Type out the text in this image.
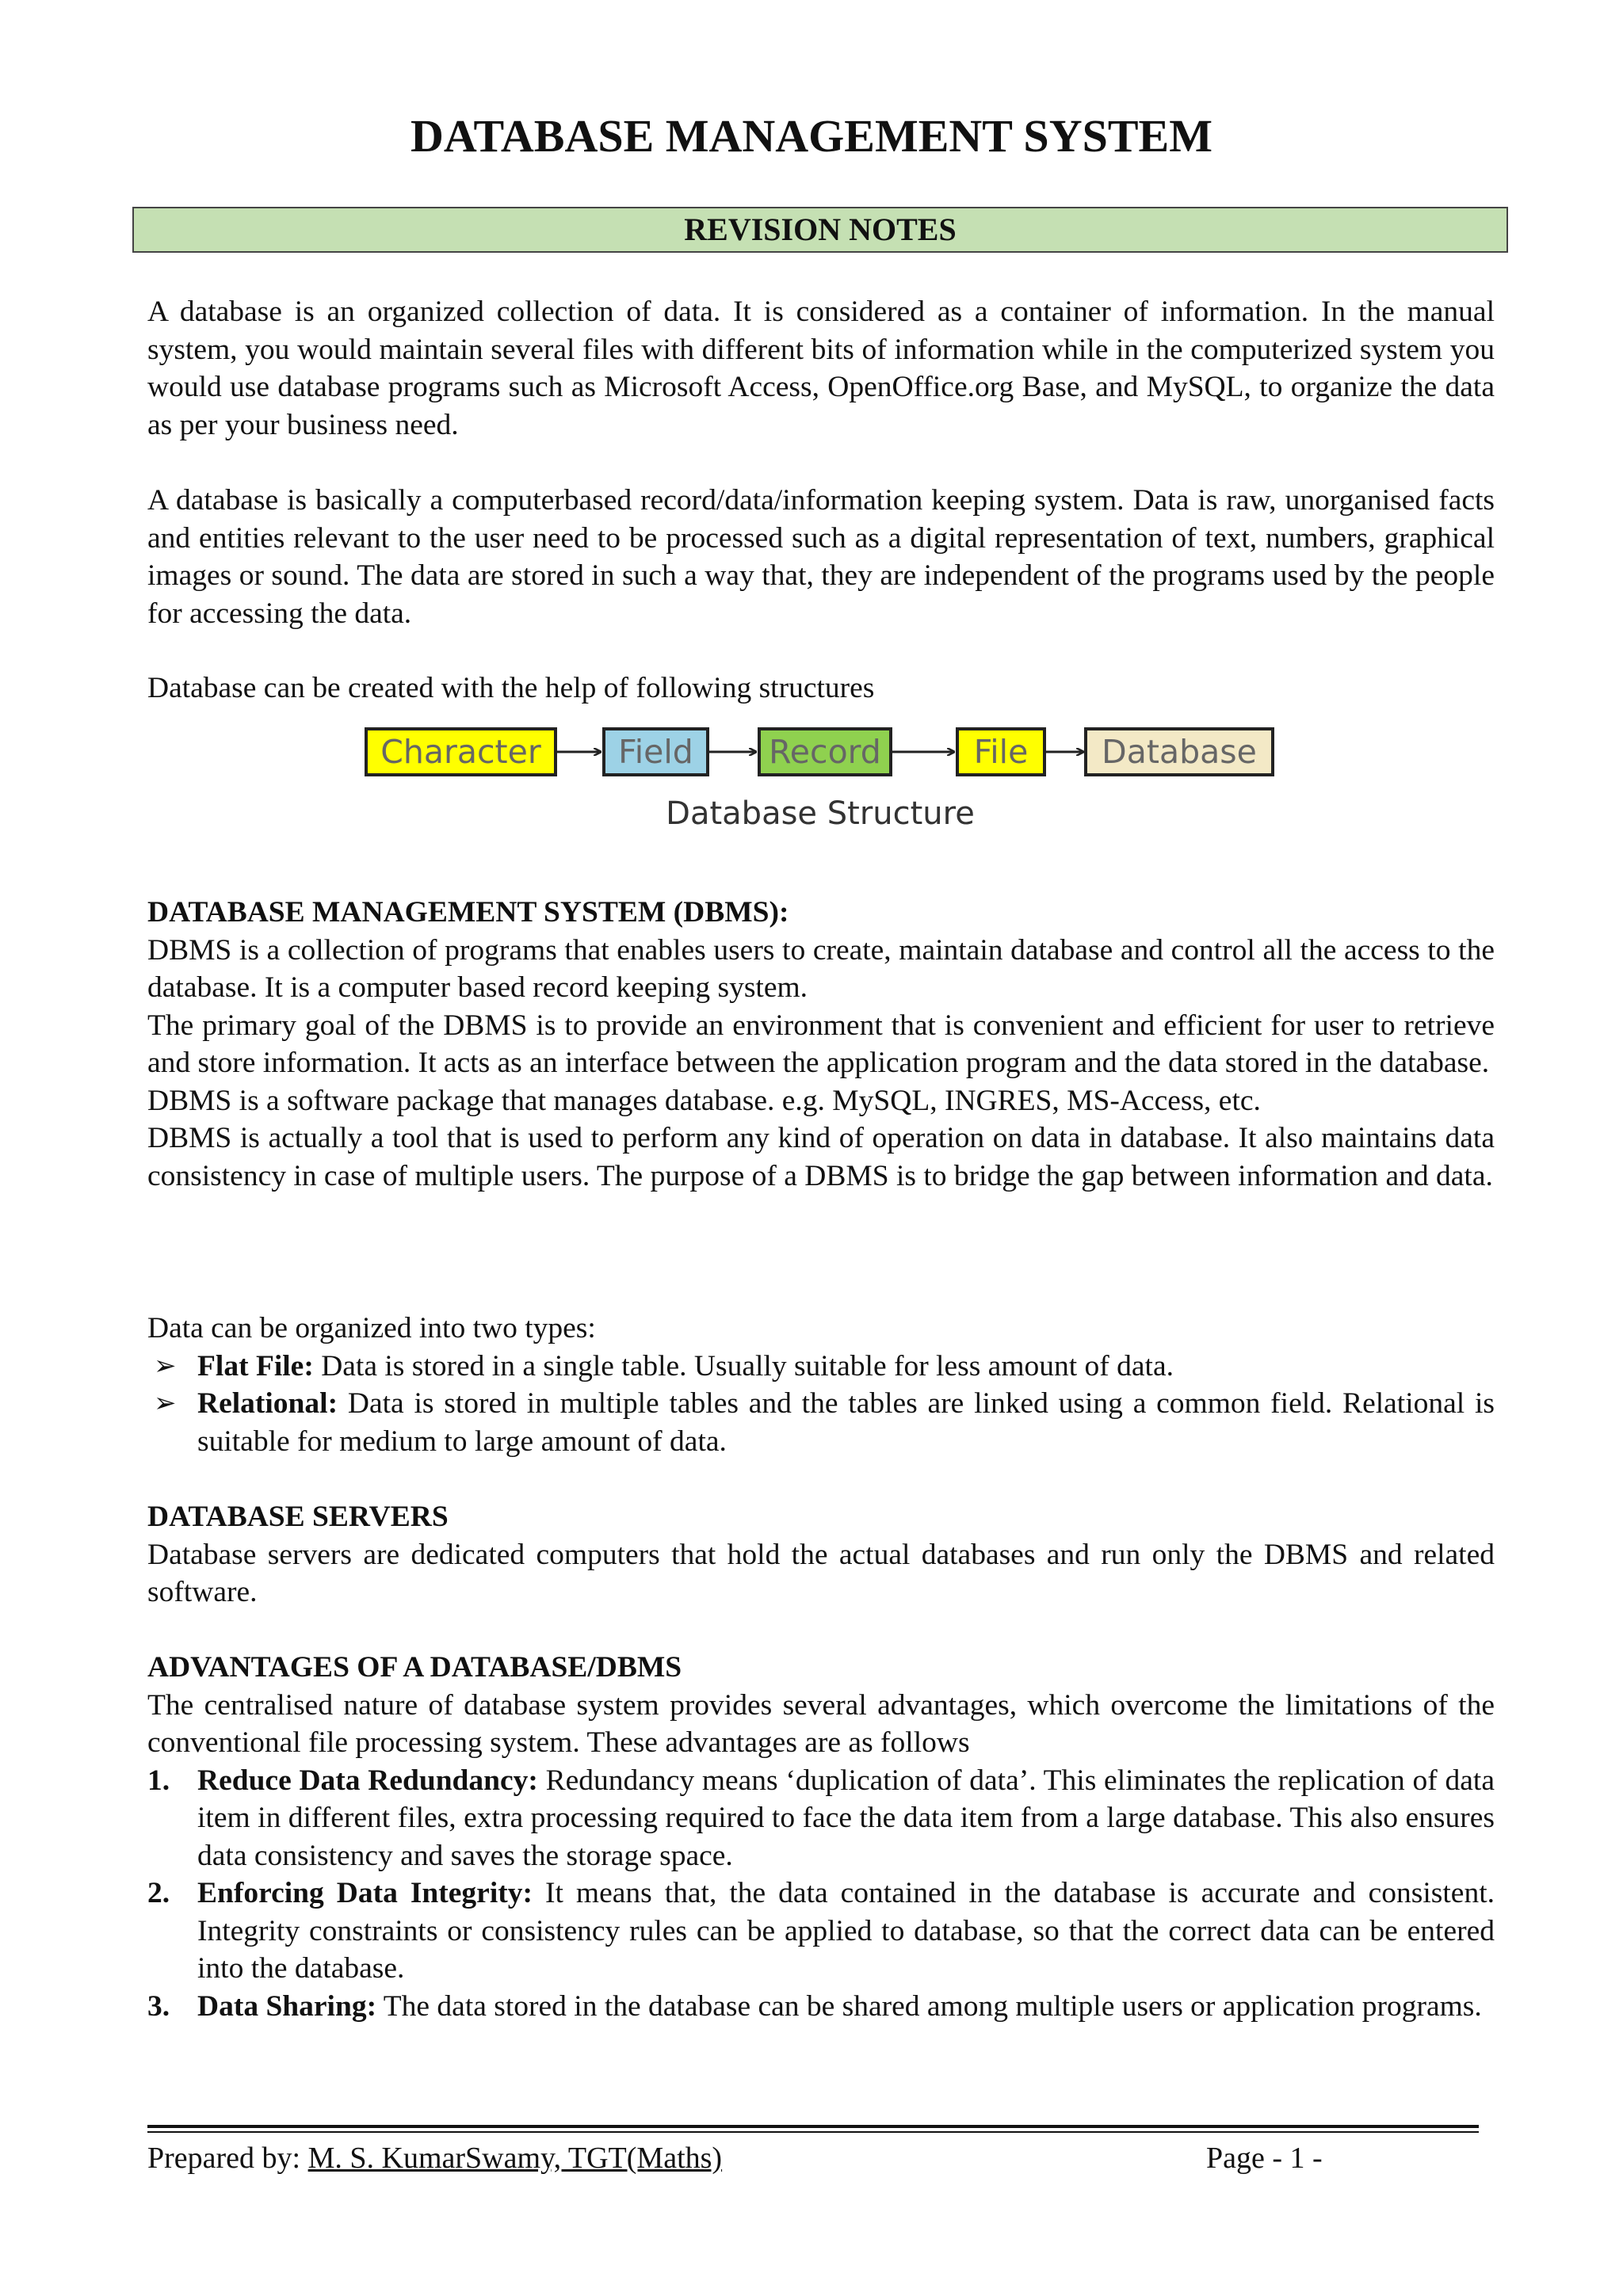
DATABASE MANAGEMENT SYSTEM
REVISION NOTES
A database is an organized collection of data. It is considered as a container of information. In the manual system, you would maintain several files with different bits of information while in the computerized system you would use database programs such as Microsoft Access, OpenOffice.org Base, and MySQL, to organize the data as per your business need.
A database is basically a computerbased record/data/information keeping system. Data is raw, unorganised facts and entities relevant to the user need to be processed such as a digital representation of text, numbers, graphical images or sound. The data are stored in such a way that, they are independent of the programs used by the people for accessing the data.
Database can be created with the help of following structures
Character	Field	Record	File	Database
Database Structure

DATABASE MANAGEMENT SYSTEM (DBMS):

DBMS is a collection of programs that enables users to create, maintain database and control all the access to the database. It is a computer based record keeping system.

The primary goal of the DBMS is to provide an environment that is convenient and efficient for user to retrieve and store information. It acts as an interface between the application program and the data stored in the database.

DBMS is a software package that manages database. e.g. MySQL, INGRES, MS-Access, etc.

DBMS is actually a tool that is used to perform any kind of operation on data in database. It also maintains data consistency in case of multiple users. The purpose of a DBMS is to bridge the gap between information and data.

Data can be organized into two types:

➢ Flat File: Data is stored in a single table. Usually suitable for less amount of data.
➢ Relational: Data is stored in multiple tables and the tables are linked using a common field. Relational is suitable for medium to large amount of data.

DATABASE SERVERS

Database servers are dedicated computers that hold the actual databases and run only the DBMS and related software.

ADVANTAGES OF A DATABASE/DBMS

The centralised nature of database system provides several advantages, which overcome the limitations of the conventional file processing system. These advantages are as follows

1. Reduce Data Redundancy: Redundancy means ‘duplication of data’. This eliminates the replication of data item in different files, extra processing required to face the data item from a large database. This also ensures data consistency and saves the storage space.
2. Enforcing Data Integrity: It means that, the data contained in the database is accurate and consistent. Integrity constraints or consistency rules can be applied to database, so that the correct data can be entered into the database.
3. Data Sharing: The data stored in the database can be shared among multiple users or application programs.
Prepared by: M. S. KumarSwamy, TGT(Maths)	Page - 1 -
